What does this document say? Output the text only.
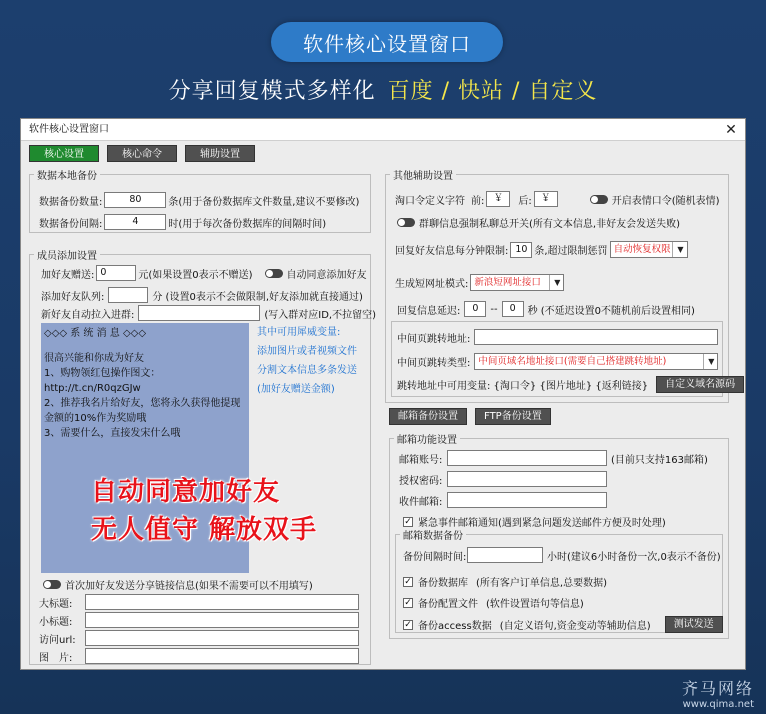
软件核心设置窗口
分享回复模式多样化 百度 / 快站 / 自定义
软件核心设置窗口	✕
核心设置	核心命令	辅助设置
数据本地备份
数据备份数量:	80	条(用于备份数据库文件数量,建议不要修改)
数据备份间隔:	4	时(用于每次备份数据库的间隔时间)
成员添加设置
加好友赠送: 0	元(如果设置0表示不赠送)	自动同意添加好友
添加好友队列:	分 (设置0表示不会做限制,好友添加就直接通过)
新好友自动拉入进群:	(写入群对应ID,不拉留空)

◇◇◇ 系 统 消 息 ◇◇◇

很高兴能和你成为好友
1、购物领红包操作图文：
http://t.cn/R0qzGJw
2、推荐我名片给好友，您将永久获得他提现金额的10%作为奖励哦
3、需要什么，直接发宋什么哦

其中可用犀威变量:
添加图片或者视频文件
分割文本信息多条发送
(加好友赠送金额)
自动同意加好友
无人值守 解放双手
首次加好友发送分享链接信息(如果不需要可以不用填写)
大标题:
小标题:
访问url:
图　片:
其他辅助设置
淘口令定义字符 前: ￥	后: ￥	开启表情口令(随机表情)
群聊信息强制私聊总开关(所有文本信息,非好友会发送失败)
回复好友信息每分钟限制: 10 条,超过限制惩罚 自动恢复权限 ▼
生成短网址模式: 新浪短网址接口	▼
回复信息延迟:	0	--	0	秒 (不延迟设置0不随机前后设置相同)
中间页跳转地址:
中间页跳转类型: 中间页域名地址接口(需要自己搭建跳转地址)	▼
跳转地址中可用变量: {淘口令} {图片地址} {返利链接}	自定义域名源码
邮箱备份设置	FTP备份设置
邮箱功能设置
邮箱账号:	(目前只支持163邮箱)
授权密码:
收件邮箱:
✓ 紧急事件邮箱通知(遇到紧急问题发送邮件方便及时处理)
邮箱数据备份
备份间隔时间:	小时(建议6小时备份一次,0表示不备份)
✓ 备份数据库 (所有客户订单信息,总要数据)
✓ 备份配置文件 (软件设置语句等信息)
✓ 备份access数据 (自定义语句,资金变动等辅助信息)	测试发送
齐马网络
www.qima.net
